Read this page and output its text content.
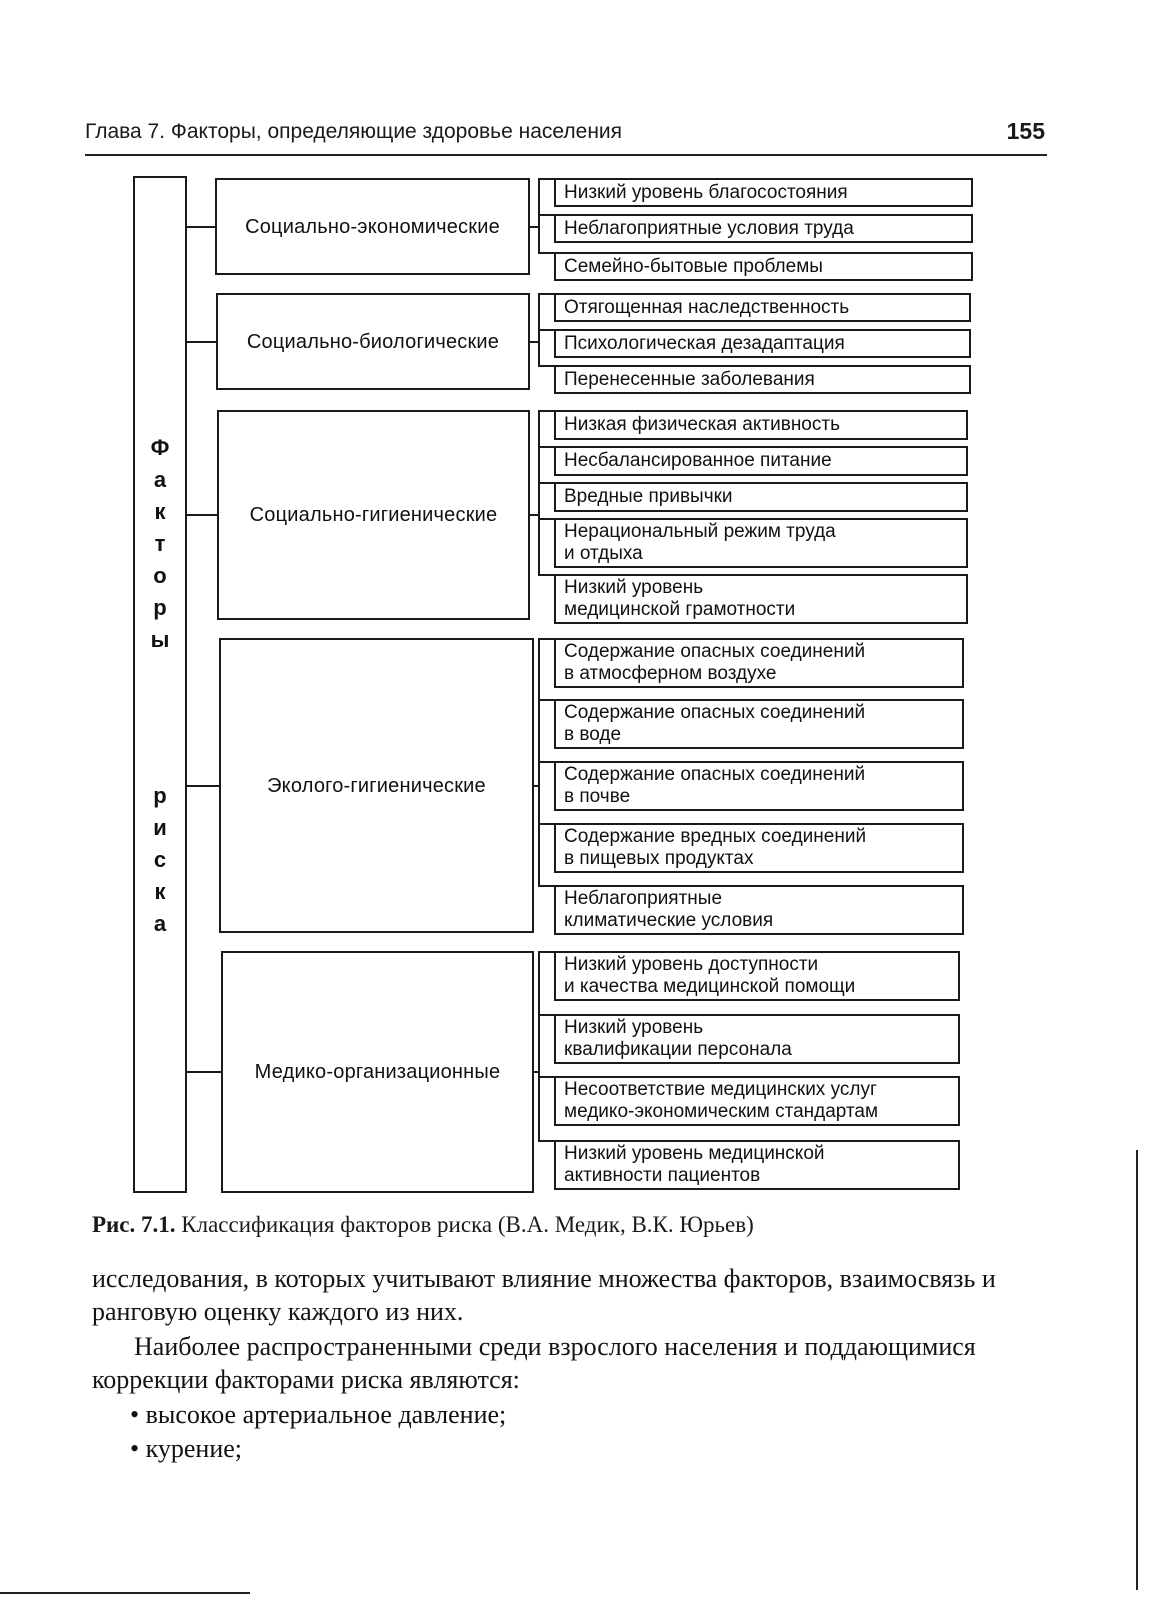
Глава 7. Факторы, определяющие здоровье населения	155
Ф
а
к
т
о
р
ы
р
и
с
к
а
Социально-экономические
Низкий уровень благосостояния
Неблагоприятные условия труда
Семейно-бытовые проблемы
Социально-биологические
Отягощенная наследственность
Психологическая дезадаптация
Перенесенные заболевания
Социально-гигиенические
Низкая физическая активность
Несбалансированное питание
Вредные привычки
Нерациональный режим труда
и отдыха
Низкий уровень
медицинской грамотности
Эколого-гигиенические
Содержание опасных соединений
в атмосферном воздухе
Содержание опасных соединений
в воде
Содержание опасных соединений
в почве
Содержание вредных соединений
в пищевых продуктах
Неблагоприятные
климатические условия
Медико-организационные
Низкий уровень доступности
и качества медицинской помощи
Низкий уровень
квалификации персонала
Несоответствие медицинских услуг
медико-экономическим стандартам
Низкий уровень медицинской
активности пациентов
Рис. 7.1. Классификация факторов риска (В.А. Медик, В.К. Юрьев)
исследования, в которых учитывают влияние множества факторов, взаимосвязь и ранговую оценку каждого из них.
Наиболее распространенными среди взрослого населения и поддающимися коррекции факторами риска являются:
• высокое артериальное давление;
• курение;
